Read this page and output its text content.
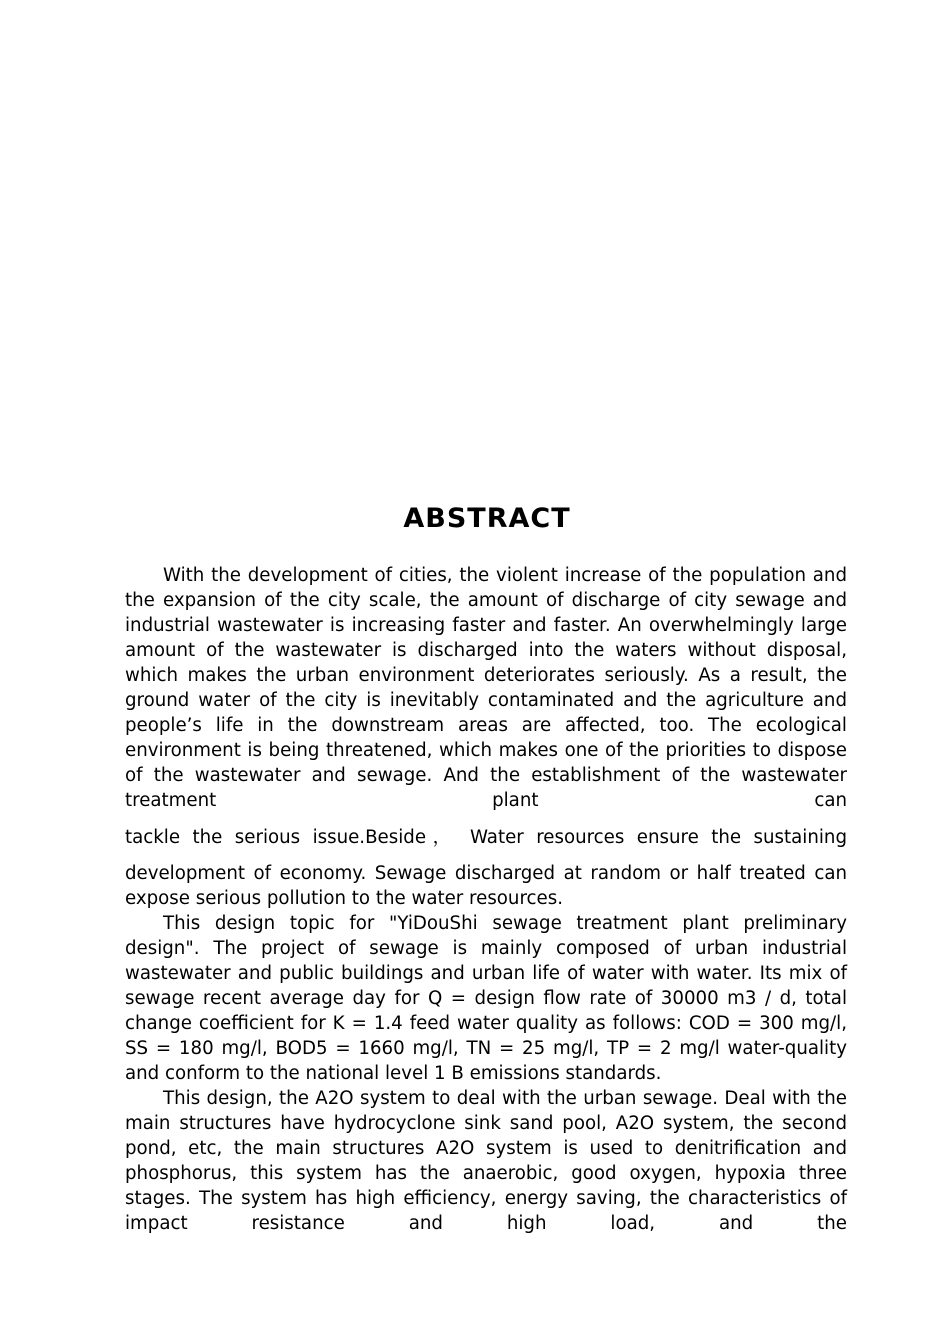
ABSTRACT

With the development of cities, the violent increase of the population and the expansion of the city scale, the amount of discharge of city sewage and industrial wastewater is increasing faster and faster. An overwhelmingly large amount of the wastewater is discharged into the waters without disposal, which makes the urban environment deteriorates seriously. As a result, the ground water of the city is inevitably contaminated and the agriculture and people’s life in the downstream areas are affected, too. The ecological environment is being threatened, which makes one of the priorities to dispose of the wastewater and sewage. And the establishment of the wastewater treatment plant can

tackle the serious issue.Beside， Water resources ensure the sustaining

development of economy. Sewage discharged at random or half treated can expose serious pollution to the water resources.

This design topic for "YiDouShi sewage treatment plant preliminary design". The project of sewage is mainly composed of urban industrial wastewater and public buildings and urban life of water with water. Its mix of sewage recent average day for Q = design flow rate of 30000 m3 / d, total change coefficient for K = 1.4 feed water quality as follows: COD = 300 mg/l, SS = 180 mg/l, BOD5 = 1660 mg/l, TN = 25 mg/l, TP = 2 mg/l water-quality and conform to the national level 1 B emissions standards.

This design, the A2O system to deal with the urban sewage. Deal with the main structures have hydrocyclone sink sand pool, A2O system, the second pond, etc, the main structures A2O system is used to denitrification and phosphorus, this system has the anaerobic, good oxygen, hypoxia three stages. The system has high efficiency, energy saving, the characteristics of impact resistance and high load, and the
